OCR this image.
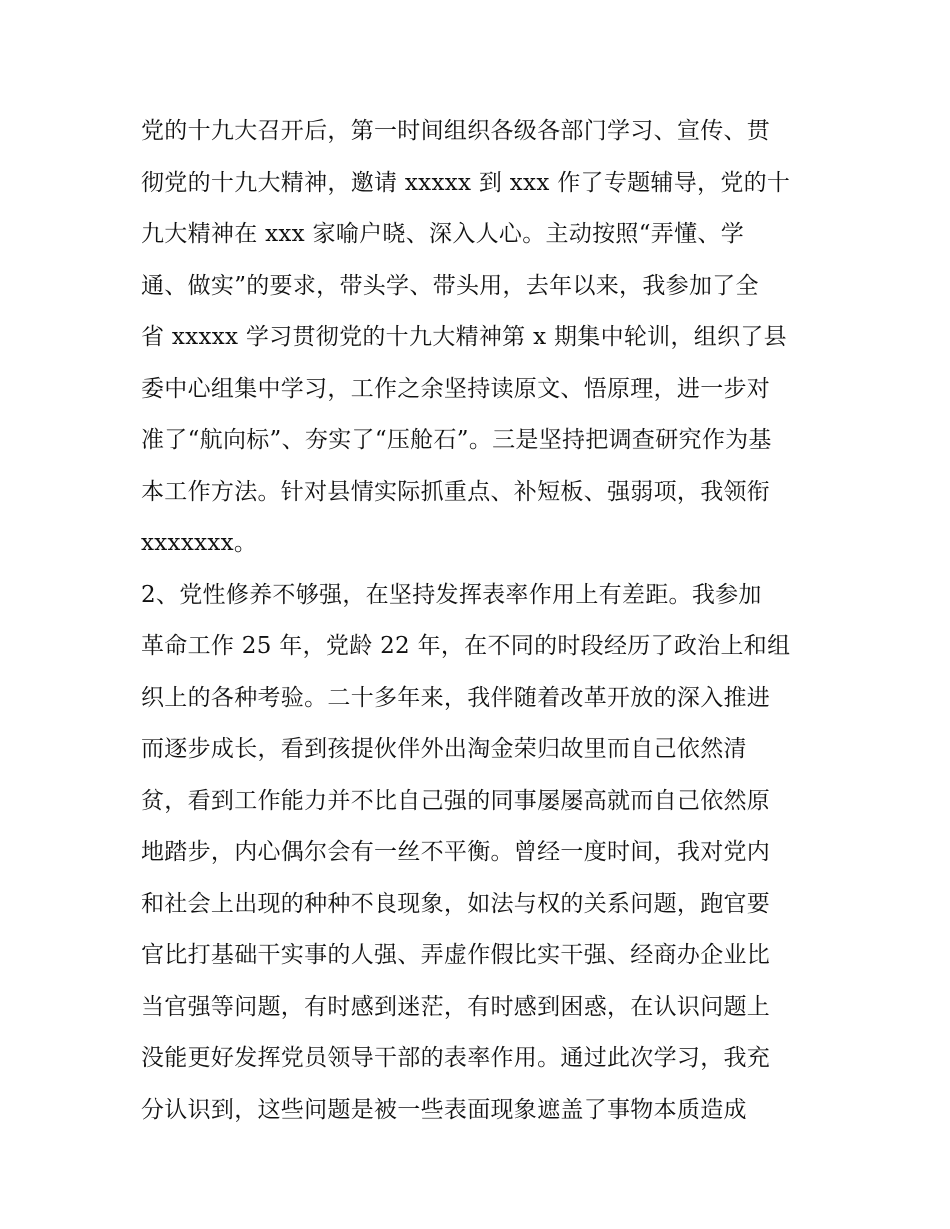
党的十九大召开后，第一时间组织各级各部门学习、宣传、贯
彻党的十九大精神，邀请 xxxxx 到 xxx 作了专题辅导，党的十
九大精神在 xxx 家喻户晓、深入人心。主动按照“弄懂、学
通、做实”的要求，带头学、带头用，去年以来，我参加了全
省 xxxxx 学习贯彻党的十九大精神第 x 期集中轮训，组织了县
委中心组集中学习，工作之余坚持读原文、悟原理，进一步对
准了“航向标”、夯实了“压舱石”。三是坚持把调查研究作为基
本工作方法。针对县情实际抓重点、补短板、强弱项，我领衔
xxxxxxx。
2、党性修养不够强，在坚持发挥表率作用上有差距。我参加
革命工作 25 年，党龄 22 年，在不同的时段经历了政治上和组
织上的各种考验。二十多年来，我伴随着改革开放的深入推进
而逐步成长，看到孩提伙伴外出淘金荣归故里而自己依然清
贫，看到工作能力并不比自己强的同事屡屡高就而自己依然原
地踏步，内心偶尔会有一丝不平衡。曾经一度时间，我对党内
和社会上出现的种种不良现象，如法与权的关系问题，跑官要
官比打基础干实事的人强、弄虚作假比实干强、经商办企业比
当官强等问题，有时感到迷茫，有时感到困惑，在认识问题上
没能更好发挥党员领导干部的表率作用。通过此次学习，我充
分认识到，这些问题是被一些表面现象遮盖了事物本质造成
